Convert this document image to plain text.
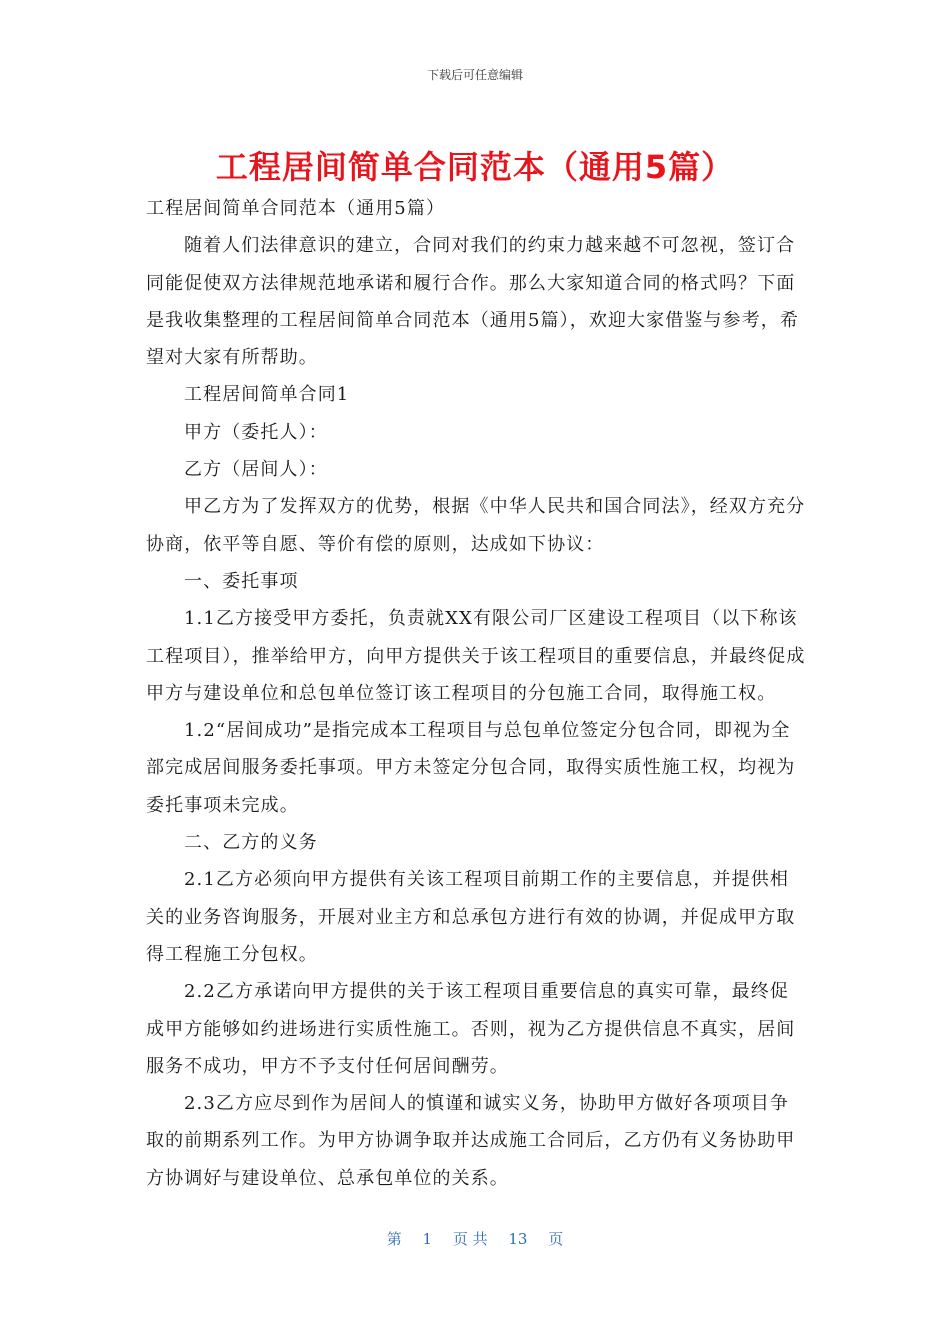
下载后可任意编辑
工程居间简单合同范本（通用5篇）

工程居间简单合同范本（通用5篇）

随着人们法律意识的建立，合同对我们的约束力越来越不可忽视，签订合同能促使双方法律规范地承诺和履行合作。那么大家知道合同的格式吗？下面是我收集整理的工程居间简单合同范本（通用5篇），欢迎大家借鉴与参考，希望对大家有所帮助。

工程居间简单合同1

甲方（委托人）：

乙方（居间人）：

甲乙方为了发挥双方的优势，根据《中华人民共和国合同法》，经双方充分协商，依平等自愿、等价有偿的原则，达成如下协议：

一、委托事项

1.1乙方接受甲方委托，负责就XX有限公司厂区建设工程项目（以下称该工程项目），推举给甲方，向甲方提供关于该工程项目的重要信息，并最终促成甲方与建设单位和总包单位签订该工程项目的分包施工合同，取得施工权。

1.2“居间成功”是指完成本工程项目与总包单位签定分包合同，即视为全部完成居间服务委托事项。甲方未签定分包合同，取得实质性施工权，均视为委托事项未完成。

二、乙方的义务

2.1乙方必须向甲方提供有关该工程项目前期工作的主要信息，并提供相关的业务咨询服务，开展对业主方和总承包方进行有效的协调，并促成甲方取得工程施工分包权。

2.2乙方承诺向甲方提供的关于该工程项目重要信息的真实可靠，最终促成甲方能够如约进场进行实质性施工。否则，视为乙方提供信息不真实，居间服务不成功，甲方不予支付任何居间酬劳。

2.3乙方应尽到作为居间人的慎谨和诚实义务，协助甲方做好各项项目争取的前期系列工作。为甲方协调争取并达成施工合同后，乙方仍有义务协助甲方协调好与建设单位、总承包单位的关系。

第 1 页 共 13 页
